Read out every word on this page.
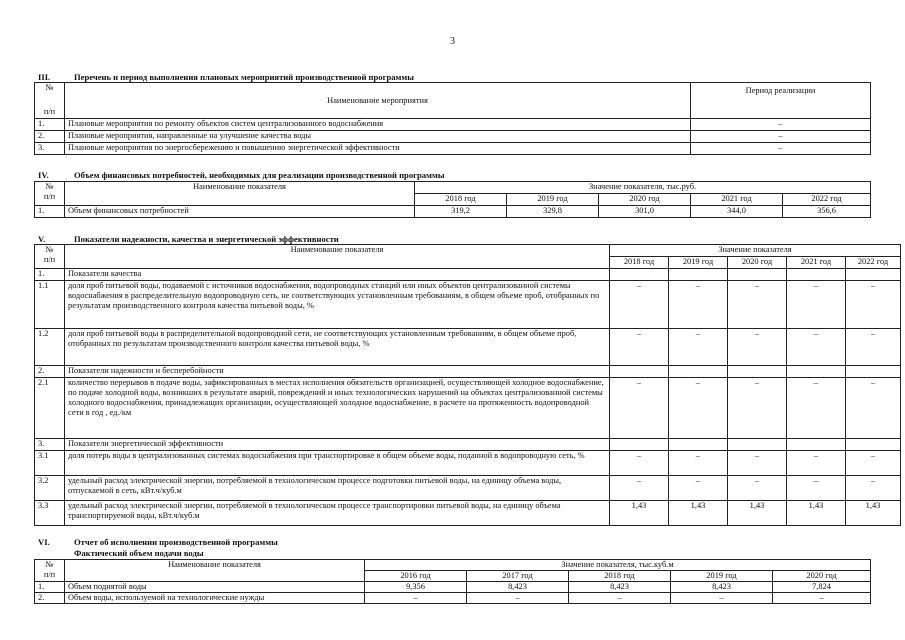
3
III.	Перечень и период выполнения плановых мероприятий производственной программы
№
п/п	Наименование мероприятия	Период реализации
1.	Плановые мероприятия по ремонту объектов систем централизованного водоснабжения	–
2.	Плановые мероприятия, направленные на улучшение качества воды	–
3.	Плановые мероприятия по энергосбережению и повышению энергетической эффективности	–
IV.	Объем финансовых потребностей, необходимых для реализации производственной программы
№
п/п	Наименование показателя	Значение показателя, тыс.руб.				
		2018 год	2019 год	2020 год	2021 год	2022 год
1.	Объем финансовых потребностей	319,2	329,8	301,0	344,0	356,6
V.	Показатели надежности, качества и энергетической эффективности
№
п/п	Наименование показателя	Значение показателя				
		2018 год	2019 год	2020 год	2021 год	2022 год
1.	Показатели качества					
1.1	доля проб питьевой воды, подаваемой с источников водоснабжения, водопроводных станций или иных объектов централизованной системы водоснабжения в распределительную водопроводную сеть, не соответствующих установленным требованиям, в общем объеме проб, отобранных по результатам производственного контроля качества питьевой воды, %	–	–	–	–	–
1.2	доля проб питьевой воды в распределительной водопроводной сети, не соответствующих установленным требованиям, в общем объеме проб, отобранных по результатам производственного контроля качества питьевой воды, %	–	–	–	–	–
2.	Показатели надежности и бесперебойности					
2.1	количество перерывов в подаче воды, зафиксированных в местах исполнения обязательств организацией, осуществляющей холодное водоснабжение, по подаче холодной воды, возникших в результате аварий, повреждений и иных технологических нарушений на объектах централизованной системы холодного водоснабжения, принадлежащих организации, осуществляющей холодное водоснабжение, в расчете на протяженность водопроводной сети в год , ед./км	–	–	–	–	–
3.	Показатели энергетической эффективности					
3.1	доля потерь воды в централизованных системах водоснабжения при транспортировке в общем объеме воды, поданной в водопроводную сеть, %	–	–	–	–	–
3.2	удельный расход электрической энергии, потребляемой в технологическом процессе подготовки питьевой воды, на единицу объема воды, отпускаемой в сеть, кВт.ч/куб.м	–	–	–	–	–
3.3	удельный расход электрической энергии, потребляемой в технологическом процессе транспортировки питьевой воды, на единицу объема транспортируемой воды, кВт.ч/куб.м	1,43	1,43	1,43	1,43	1,43
VI.	Отчет об исполнении производственной программы
Фактический объем подачи воды
№
п/п	Наименование показателя	Значение показателя, тыс.куб.м				
		2016 год	2017 год	2018 год	2019 год	2020 год
1.	Объем поднятой воды	9,356	8,423	8,423	8,423	7,824
2.	Объем воды, используемой на технологические нужды	–	–	–	–	–
